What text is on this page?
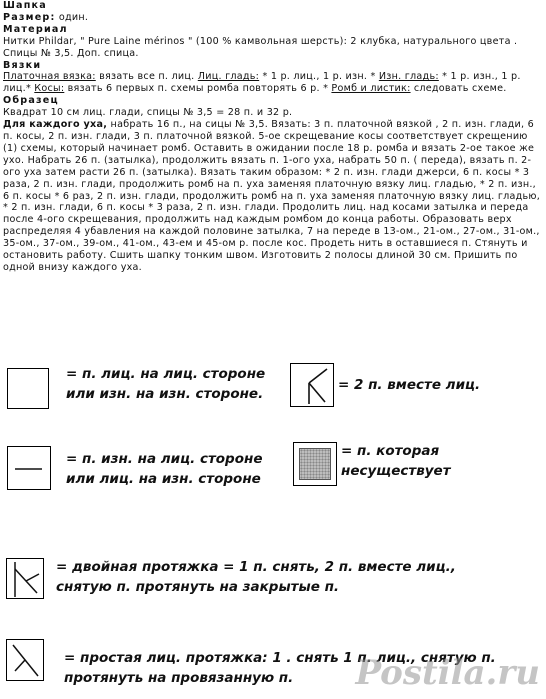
Шапка

Размер: один.

Материал

Нитки Phildar, " Pure Laine mérinos " (100 % камвольная шерсть): 2 клубка, натурального цвета . Спицы № 3,5. Доп. спица.

Вязки

Платочная вязка: вязать все п. лиц. Лиц. гладь: * 1 р. лиц., 1 р. изн. * Изн. гладь: * 1 р. изн., 1 р. лиц.* Косы: вязать 6 первых п. схемы ромба повторять 6 р. * Ромб и листик: следовать схеме.

Образец

Квадрат 10 см лиц. глади, спицы № 3,5 = 28 п. и 32 р.

Для каждого уха, набрать 16 п., на сицы № 3,5. Вязать: 3 п. платочной вязкой , 2 п. изн. глади, 6 п. косы, 2 п. изн. глади, 3 п. платочной вязкой. 5-ое скрещевание косы соответствует скрещению (1) схемы, который начинает ромб. Оставить в ожидании после 18 р. ромба и вязать 2-ое такое же ухо. Набрать 26 п. (затылка), продолжить вязать п. 1-ого уха, набрать 50 п. ( переда), вязать п. 2-ого уха затем расти 26 п. (затылка). Вязать таким образом: * 2 п. изн. глади джерси, 6 п. косы * 3 раза, 2 п. изн. глади, продолжить ромб на п. уха заменяя платочную вязку лиц. гладью, * 2 п. изн., 6 п. косы * 6 раз, 2 п. изн. глади, продолжить ромб на п. уха заменяя платочную вязку лиц. гладью, * 2 п. изн. глади, 6 п. косы * 3 раза, 2 п. изн. глади. Продолить лиц. над косами затылка и переда после 4-ого скрещевания, продолжить над каждым ромбом до конца работы. Образовать верх распределяя 4 убавления на каждой половине затылка, 7 на переде в 13-ом., 21-ом., 27-ом., 31-ом., 35-ом., 37-ом., 39-ом., 41-ом., 43-ем и 45-ом р. после кос. Продеть нить в оставшиеся п. Стянуть и остановить работу. Сшить шапку тонким швом. Изготовить 2 полосы длиной 30 см. Пришить по одной внизу каждого уха.

= п. лиц. на лиц. стороне
или изн. на изн. стороне.
= 2 п. вместе лиц.
= п. изн. на лиц. стороне
или лиц. на изн. стороне
= п. которая
несуществует
= двойная протяжка = 1 п. снять, 2 п. вместе лиц.,
снятую п. протянуть на закрытые п.
= простая лиц. протяжка: 1 . снять 1 п. лиц., снятую п.
протянуть на провязанную п.	Postila.ru
